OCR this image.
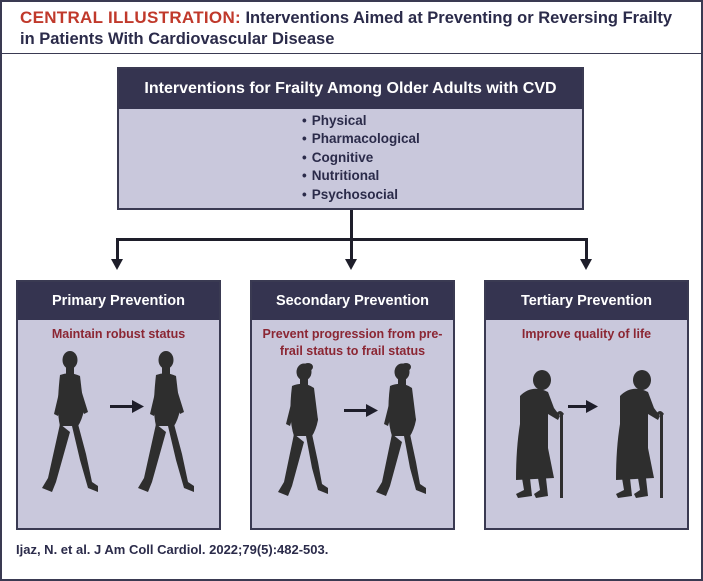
CENTRAL ILLUSTRATION: Interventions Aimed at Preventing or Reversing Frailty in Patients With Cardiovascular Disease
Interventions for Frailty Among Older Adults with CVD
• Physical
• Pharmacological
• Cognitive
• Nutritional
• Psychosocial
Primary Prevention
Maintain robust status
Secondary Prevention
Prevent progression from pre-frail status to frail status
Tertiary Prevention
Improve quality of life
Ijaz, N. et al. J Am Coll Cardiol. 2022;79(5):482-503.
